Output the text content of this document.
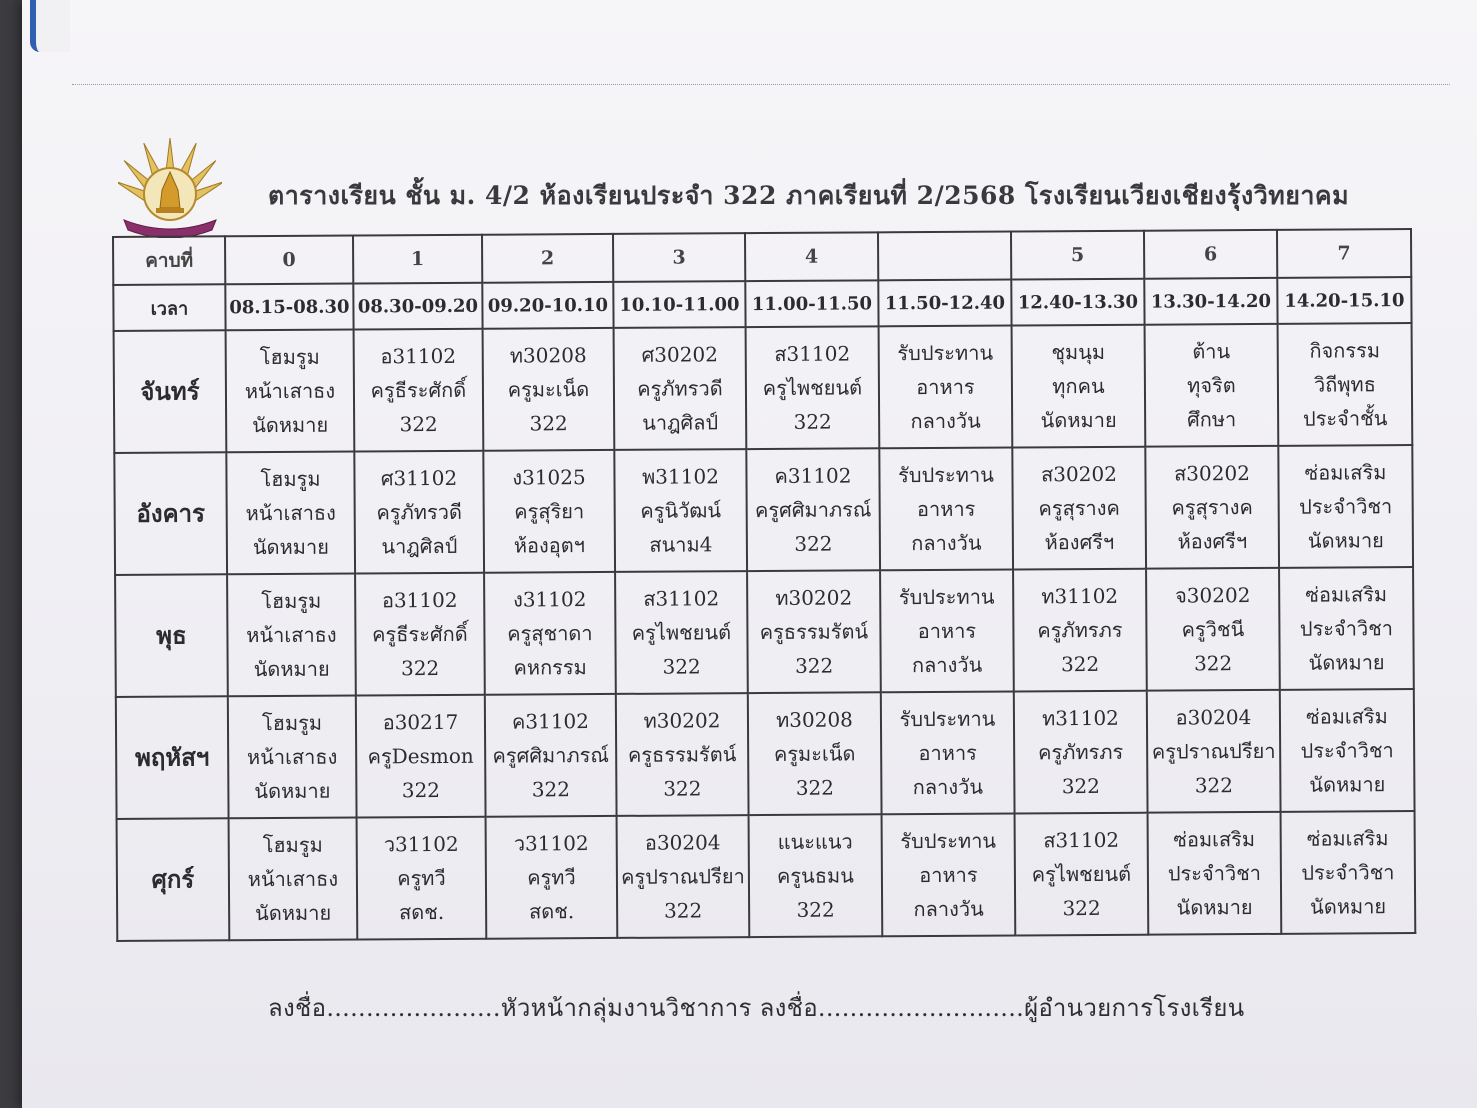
ตารางเรียน ชั้น ม. 4/2 ห้องเรียนประจำ 322 ภาคเรียนที่ 2/2568 โรงเรียนเวียงเชียงรุ้งวิทยาคม
คาบที่	0	1	2	3	4		5	6	7
เวลา	08.15-08.30	08.30-09.20	09.20-10.10	10.10-11.00	11.00-11.50	11.50-12.40	12.40-13.30	13.30-14.20	14.20-15.10
จันทร์	โฮมรูม
หน้าเสาธง
นัดหมาย	อ31102
ครูธีระศักดิ์
322	ท30208
ครูมะเน็ด
322	ศ30202
ครูภัทรวดี
นาฎศิลป์	ส31102
ครูไพชยนต์
322	รับประทาน
อาหาร
กลางวัน	ชุมนุม
ทุกคน
นัดหมาย	ต้าน
ทุจริต
ศึกษา	กิจกรรม
วิถีพุทธ
ประจำชั้น

อังคาร	โฮมรูม
หน้าเสาธง
นัดหมาย	ศ31102
ครูภัทรวดี
นาฎศิลป์	ง31025
ครูสุริยา
ห้องอุตฯ	พ31102
ครูนิวัฒน์
สนาม4	ค31102
ครูศศิมาภรณ์
322	รับประทาน
อาหาร
กลางวัน	ส30202
ครูสุรางค
ห้องศรีฯ	ส30202
ครูสุรางค
ห้องศรีฯ	ซ่อมเสริม
ประจำวิชา
นัดหมาย

พุธ	โฮมรูม
หน้าเสาธง
นัดหมาย	อ31102
ครูธีระศักดิ์
322	ง31102
ครูสุชาดา
คหกรรม	ส31102
ครูไพชยนต์
322	ท30202
ครูธรรมรัตน์
322	รับประทาน
อาหาร
กลางวัน	ท31102
ครูภัทรภร
322	จ30202
ครูวิชนี
322	ซ่อมเสริม
ประจำวิชา
นัดหมาย

พฤหัสฯ	โฮมรูม
หน้าเสาธง
นัดหมาย	อ30217
ครูDesmon
322	ค31102
ครูศศิมาภรณ์
322	ท30202
ครูธรรมรัตน์
322	ท30208
ครูมะเน็ด
322	รับประทาน
อาหาร
กลางวัน	ท31102
ครูภัทรภร
322	อ30204
ครูปราณปรียา
322	ซ่อมเสริม
ประจำวิชา
นัดหมาย

ศุกร์	โฮมรูม
หน้าเสาธง
นัดหมาย	ว31102
ครูทวี
สดช.	ว31102
ครูทวี
สดช.	อ30204
ครูปราณปรียา
322	แนะแนว
ครูนธมน
322	รับประทาน
อาหาร
กลางวัน	ส31102
ครูไพชยนต์
322	ซ่อมเสริม
ประจำวิชา
นัดหมาย	ซ่อมเสริม
ประจำวิชา
นัดหมาย
ลงชื่อ......................หัวหน้ากลุ่มงานวิชาการ ลงชื่อ..........................ผู้อำนวยการโรงเรียน
